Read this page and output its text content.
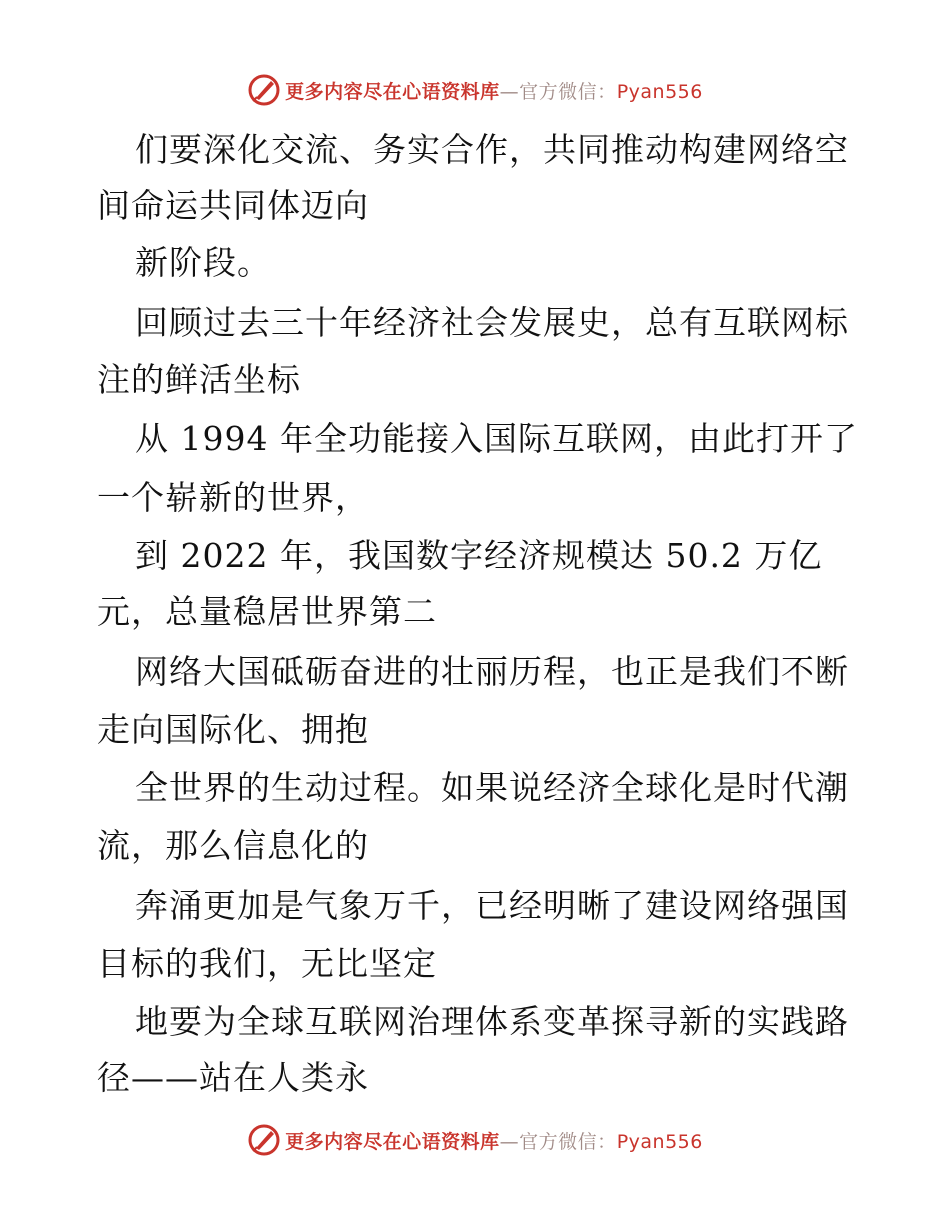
更多内容尽在心语资料库—官方微信：Pyan556
们要深化交流、务实合作，共同推动构建网络空
间命运共同体迈向
新阶段。
回顾过去三十年经济社会发展史，总有互联网标
注的鲜活坐标
从 1994 年全功能接入国际互联网，由此打开了
一个崭新的世界，
到 2022 年，我国数字经济规模达 50.2 万亿
元，总量稳居世界第二
网络大国砥砺奋进的壮丽历程，也正是我们不断
走向国际化、拥抱
全世界的生动过程。如果说经济全球化是时代潮
流，那么信息化的
奔涌更加是气象万千，已经明晰了建设网络强国
目标的我们，无比坚定
地要为全球互联网治理体系变革探寻新的实践路
径——站在人类永
更多内容尽在心语资料库—官方微信：Pyan556
